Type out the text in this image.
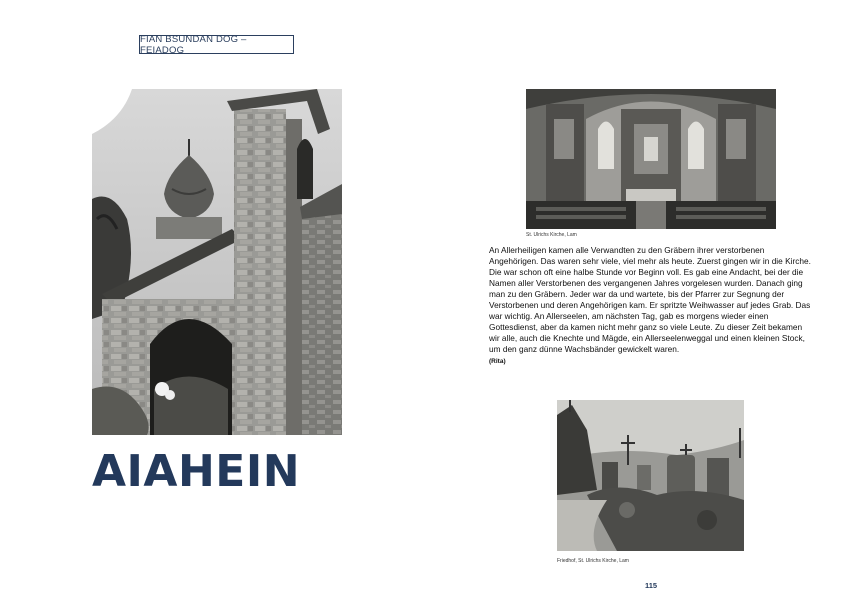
FIAN BSUNDAN DOG – FEIADOG
AIAHEIN
St. Ulrichs Kirche, Lam

An Allerheiligen kamen alle Verwandten zu den Gräbern ihrer verstorbenen Angehörigen. Das waren sehr viele, viel mehr als heute. Zuerst gingen wir in die Kirche. Die war schon oft eine halbe Stunde vor Beginn voll. Es gab eine Andacht, bei der die Namen aller Verstorbenen des vergangenen Jahres vorgelesen wurden. Danach ging man zu den Gräbern. Jeder war da und wartete, bis der Pfarrer zur Segnung der Verstorbenen und deren Angehörigen kam. Er spritzte Weihwasser auf jedes Grab. Das war wichtig. An Allerseelen, am nächsten Tag, gab es morgens wieder einen Gottesdienst, aber da kamen nicht mehr ganz so viele Leute. Zu dieser Zeit bekamen wir alle, auch die Knechte und Mägde, ein Allerseelenweggal und einen kleinen Stock, um den ganz dünne Wachsbänder gewickelt waren.

(Rita)
Friedhof, St. Ulrichs Kirche, Lam
115
